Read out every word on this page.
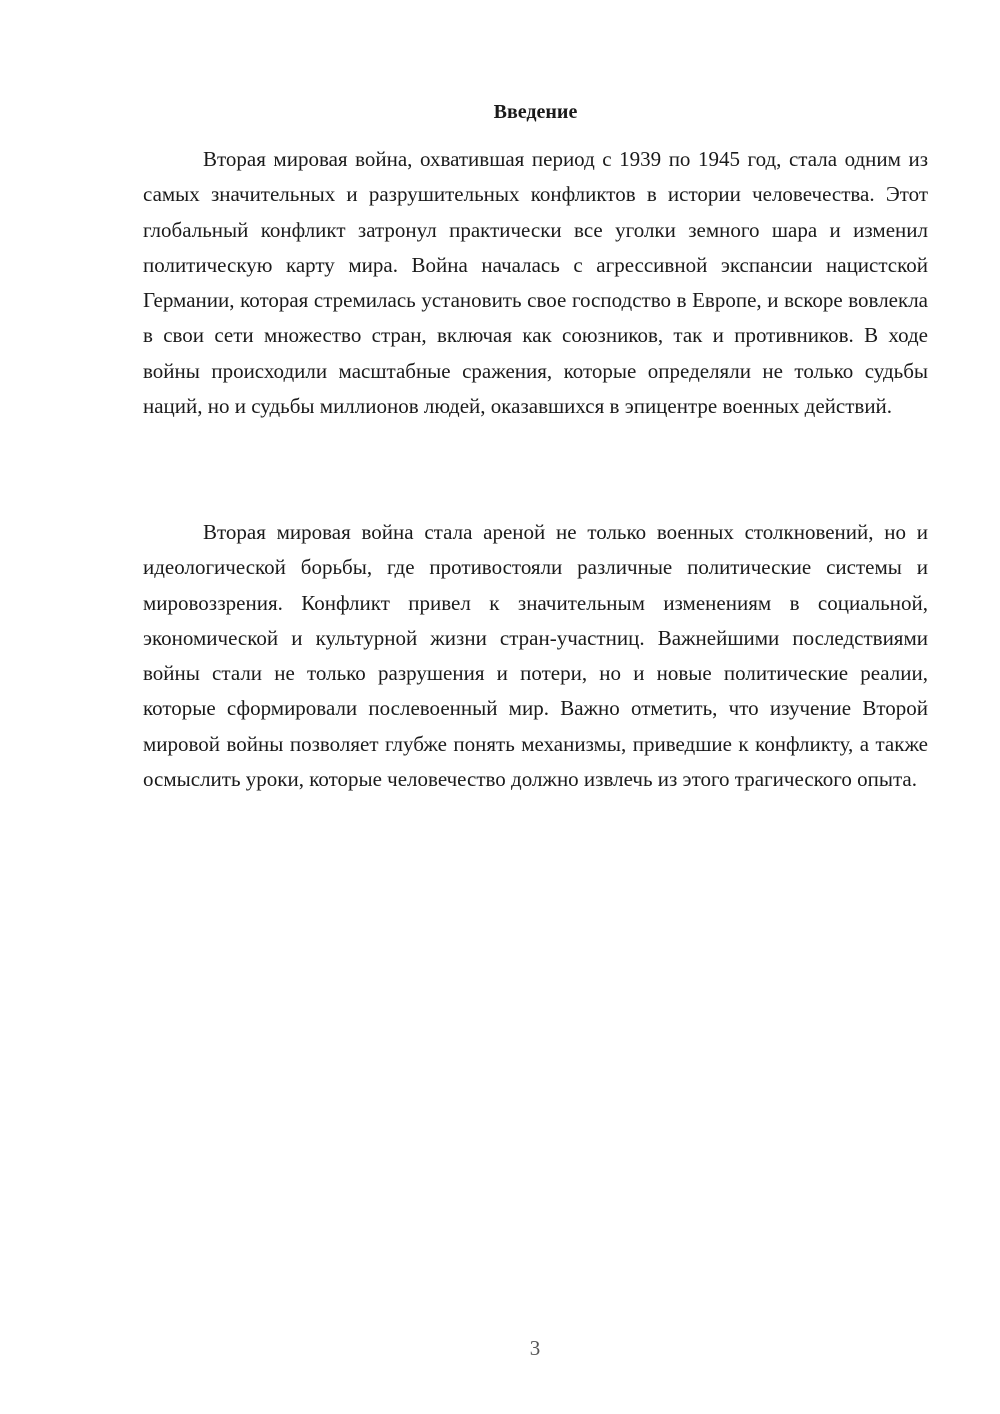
Введение

Вторая мировая война, охватившая период с 1939 по 1945 год, стала одним из самых значительных и разрушительных конфликтов в истории человечества. Этот глобальный конфликт затронул практически все уголки земного шара и изменил политическую карту мира. Война началась с агрессивной экспансии нацистской Германии, которая стремилась установить свое господство в Европе, и вскоре вовлекла в свои сети множество стран, включая как союзников, так и противников. В ходе войны происходили масштабные сражения, которые определяли не только судьбы наций, но и судьбы миллионов людей, оказавшихся в эпицентре военных действий.

Вторая мировая война стала ареной не только военных столкновений, но и идеологической борьбы, где противостояли различные политические системы и мировоззрения. Конфликт привел к значительным изменениям в социальной, экономической и культурной жизни стран-участниц. Важнейшими последствиями войны стали не только разрушения и потери, но и новые политические реалии, которые сформировали послевоенный мир. Важно отметить, что изучение Второй мировой войны позволяет глубже понять механизмы, приведшие к конфликту, а также осмыслить уроки, которые человечество должно извлечь из этого трагического опыта.

3
